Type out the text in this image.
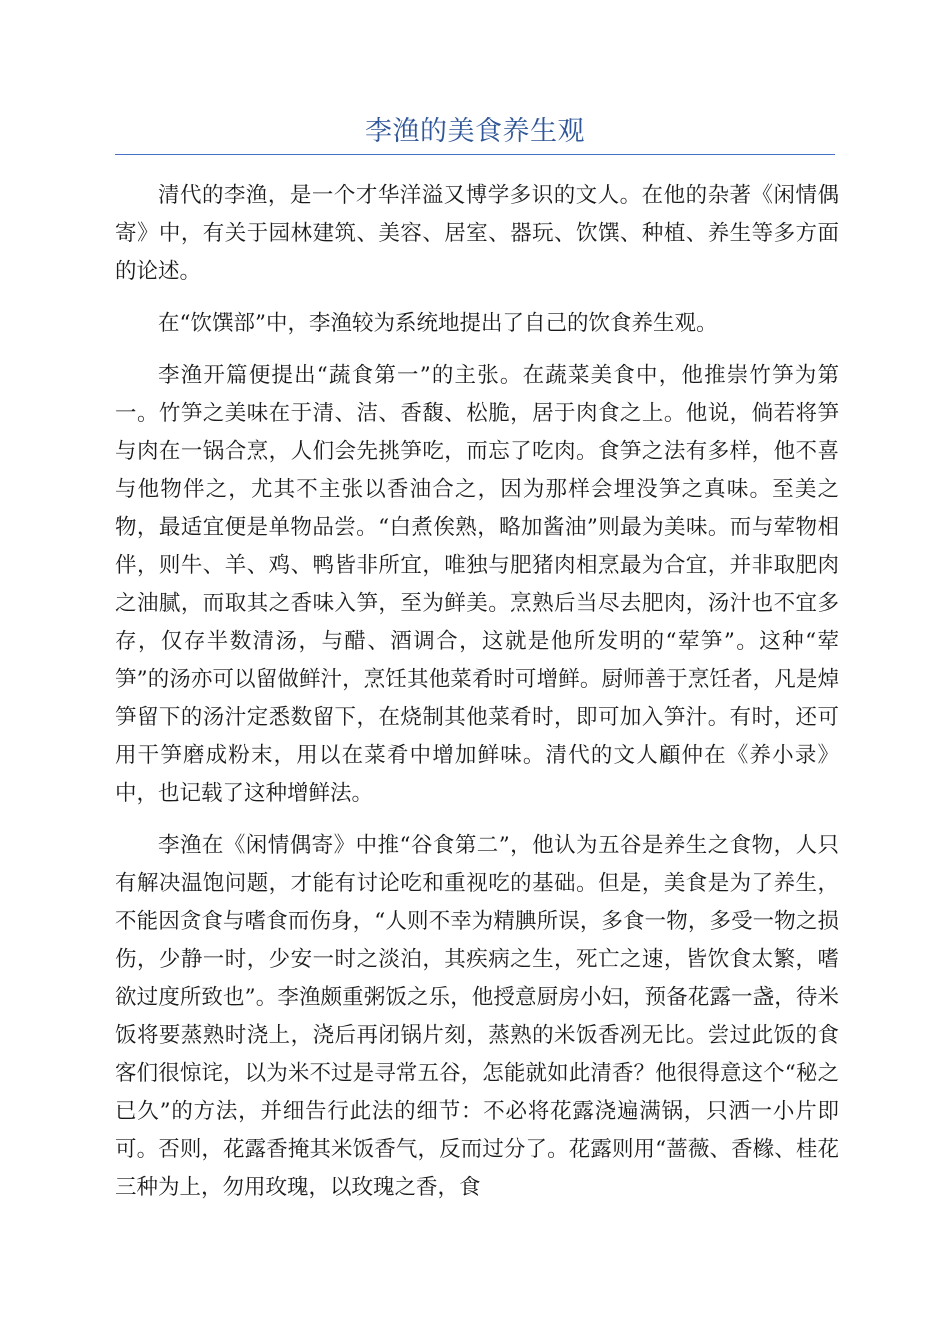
李渔的美食养生观

清代的李渔，是一个才华洋溢又博学多识的文人。在他的杂著《闲情偶寄》中，有关于园林建筑、美容、居室、器玩、饮馔、种植、养生等多方面的论述。

在“饮馔部”中，李渔较为系统地提出了自己的饮食养生观。

李渔开篇便提出“蔬食第一”的主张。在蔬菜美食中，他推崇竹笋为第一。竹笋之美味在于清、洁、香馥、松脆，居于肉食之上。他说，倘若将笋与肉在一锅合烹，人们会先挑笋吃，而忘了吃肉。食笋之法有多样，他不喜与他物伴之，尤其不主张以香油合之，因为那样会埋没笋之真味。至美之物，最适宜便是单物品尝。“白煮俟熟，略加酱油”则最为美味。而与荤物相伴，则牛、羊、鸡、鸭皆非所宜，唯独与肥猪肉相烹最为合宜，并非取肥肉之油腻，而取其之香味入笋，至为鲜美。烹熟后当尽去肥肉，汤汁也不宜多存，仅存半数清汤，与醋、酒调合，这就是他所发明的“荤笋”。这种“荤笋”的汤亦可以留做鲜汁，烹饪其他菜肴时可增鲜。厨师善于烹饪者，凡是焯笋留下的汤汁定悉数留下，在烧制其他菜肴时，即可加入笋汁。有时，还可用干笋磨成粉末，用以在菜肴中增加鲜味。清代的文人顧仲在《养小录》中，也记载了这种增鲜法。

李渔在《闲情偶寄》中推“谷食第二”，他认为五谷是养生之食物，人只有解决温饱问题，才能有讨论吃和重视吃的基础。但是，美食是为了养生，不能因贪食与嗜食而伤身，“人则不幸为精腆所误，多食一物，多受一物之损伤，少静一时，少安一时之淡泊，其疾病之生，死亡之速，皆饮食太繁，嗜欲过度所致也”。李渔颇重粥饭之乐，他授意厨房小妇，预备花露一盏，待米饭将要蒸熟时浇上，浇后再闭锅片刻，蒸熟的米饭香冽无比。尝过此饭的食客们很惊诧，以为米不过是寻常五谷，怎能就如此清香？他很得意这个“秘之已久”的方法，并细告行此法的细节：不必将花露浇遍满锅，只洒一小片即可。否则，花露香掩其米饭香气，反而过分了。花露则用“蔷薇、香橼、桂花三种为上，勿用玫瑰，以玫瑰之香，食
